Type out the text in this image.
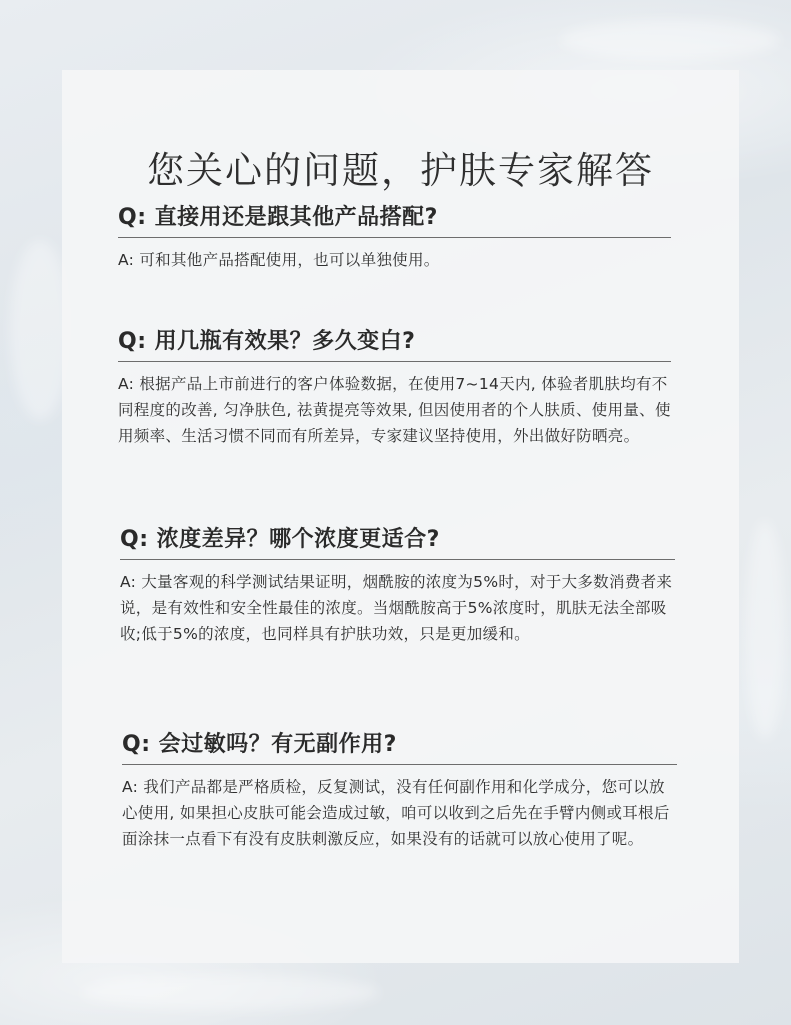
您关心的问题，护肤专家解答
Q: 直接用还是跟其他产品搭配?
A: 可和其他产品搭配使用，也可以单独使用。
Q: 用几瓶有效果？多久变白?
A: 根据产品上市前进行的客户体验数据，在使用7~14天内, 体验者肌肤均有不同程度的改善, 匀净肤色, 祛黄提亮等效果, 但因使用者的个人肤质、使用量、使用频率、生活习惯不同而有所差异，专家建议坚持使用，外出做好防晒亮。
Q: 浓度差异？哪个浓度更适合?
A: 大量客观的科学测试结果证明，烟酰胺的浓度为5%时，对于大多数消费者来说，是有效性和安全性最佳的浓度。当烟酰胺高于5%浓度时，肌肤无法全部吸收;低于5%的浓度，也同样具有护肤功效，只是更加缓和。
Q: 会过敏吗？有无副作用?
A: 我们产品都是严格质检，反复测试，没有任何副作用和化学成分，您可以放心使用, 如果担心皮肤可能会造成过敏，咱可以收到之后先在手臂内侧或耳根后面涂抹一点看下有没有皮肤刺激反应，如果没有的话就可以放心使用了呢。
